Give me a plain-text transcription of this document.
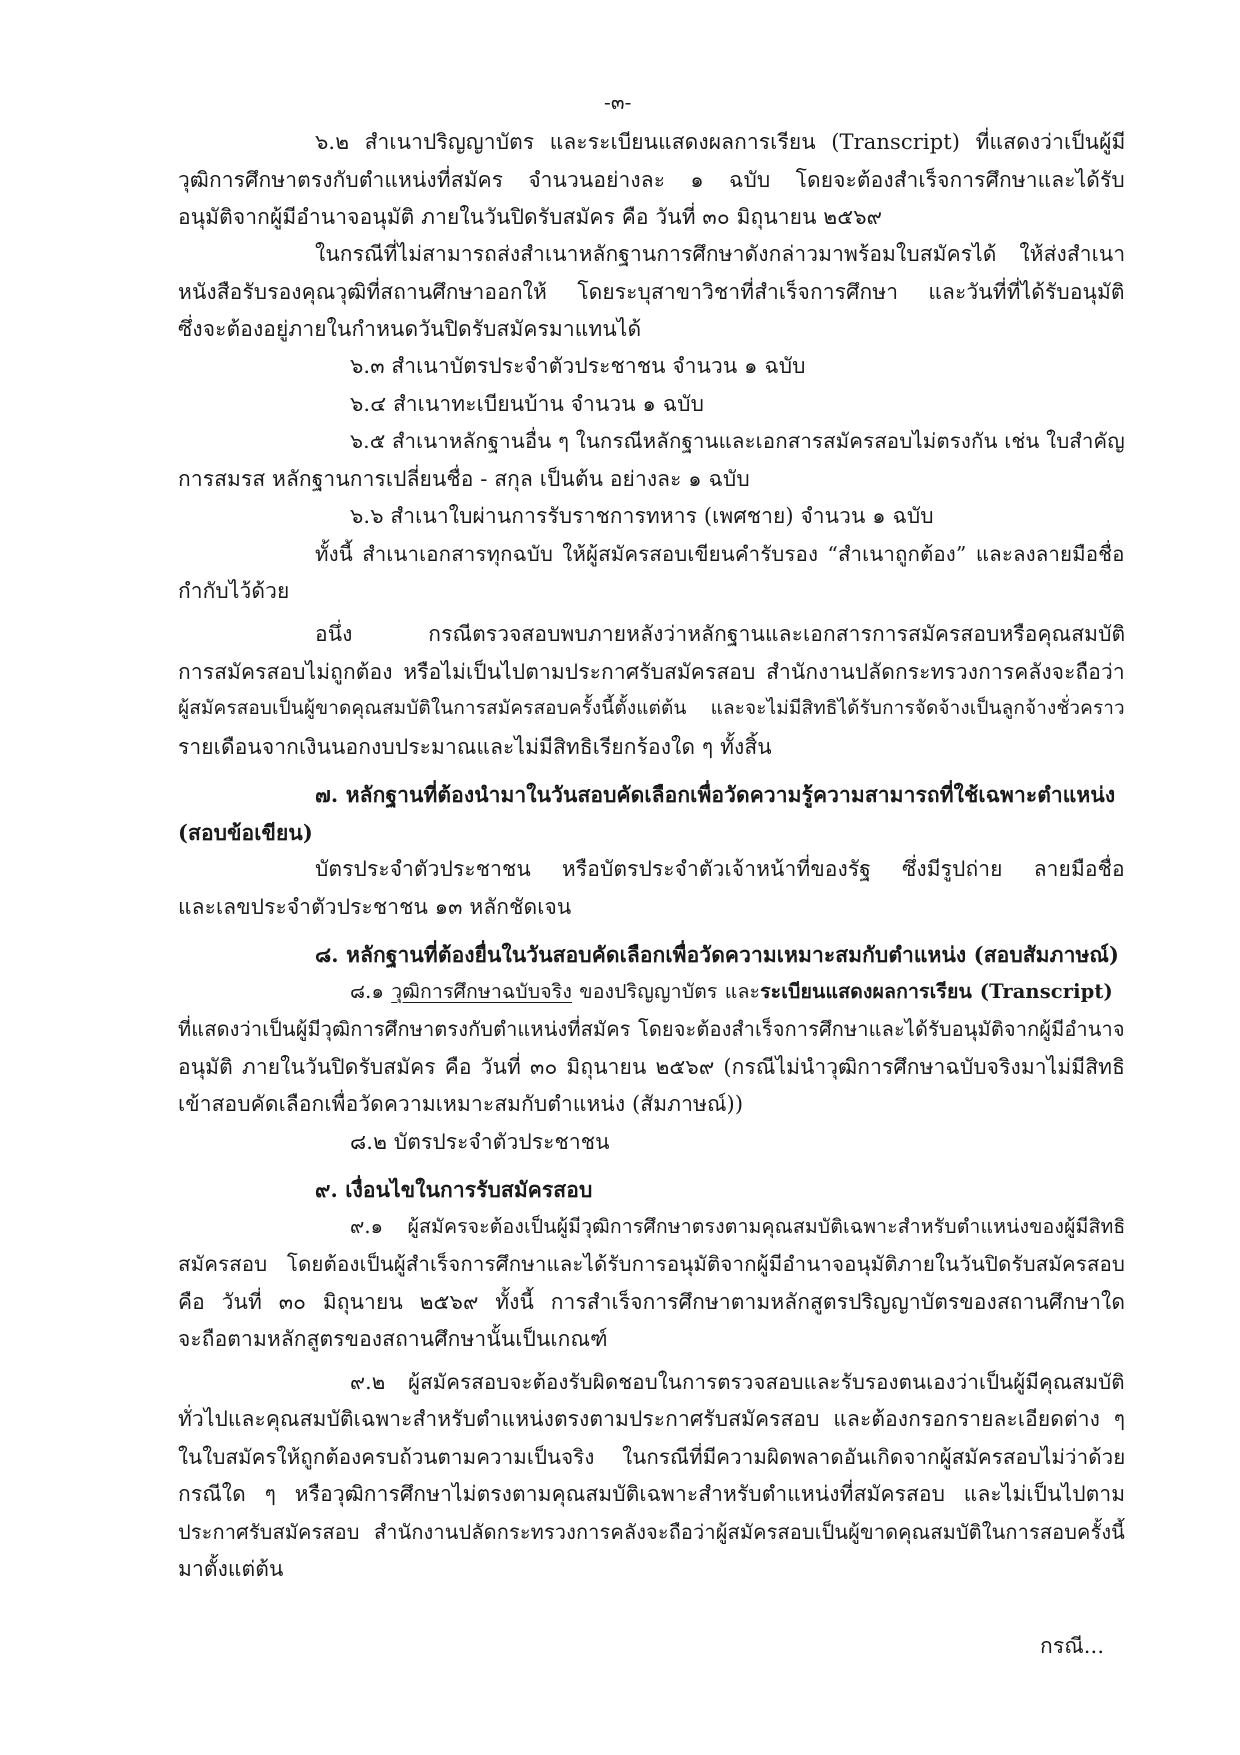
-๓-
๖.๒ สำเนาปริญญาบัตร และระเบียนแสดงผลการเรียน (Transcript) ที่แสดงว่าเป็นผู้มี
วุฒิการศึกษาตรงกับตำแหน่งที่สมัคร จำนวนอย่างละ ๑ ฉบับ โดยจะต้องสำเร็จการศึกษาและได้รับ
อนุมัติจากผู้มีอำนาจอนุมัติ ภายในวันปิดรับสมัคร คือ วันที่ ๓๐ มิถุนายน ๒๕๖๙
ในกรณีที่ไม่สามารถส่งสำเนาหลักฐานการศึกษาดังกล่าวมาพร้อมใบสมัครได้ ให้ส่งสำเนา
หนังสือรับรองคุณวุฒิที่สถานศึกษาออกให้ โดยระบุสาขาวิชาที่สำเร็จการศึกษา และวันที่ที่ได้รับอนุมัติ
ซึ่งจะต้องอยู่ภายในกำหนดวันปิดรับสมัครมาแทนได้
๖.๓ สำเนาบัตรประจำตัวประชาชน จำนวน ๑ ฉบับ
๖.๔ สำเนาทะเบียนบ้าน จำนวน ๑ ฉบับ
๖.๕ สำเนาหลักฐานอื่น ๆ ในกรณีหลักฐานและเอกสารสมัครสอบไม่ตรงกัน เช่น ใบสำคัญ
การสมรส หลักฐานการเปลี่ยนชื่อ - สกุล เป็นต้น อย่างละ ๑ ฉบับ
๖.๖ สำเนาใบผ่านการรับราชการทหาร (เพศชาย) จำนวน ๑ ฉบับ
ทั้งนี้ สำเนาเอกสารทุกฉบับ ให้ผู้สมัครสอบเขียนคำรับรอง “สำเนาถูกต้อง” และลงลายมือชื่อ
กำกับไว้ด้วย
อนึ่ง กรณีตรวจสอบพบภายหลังว่าหลักฐานและเอกสารการสมัครสอบหรือคุณสมบัติ
การสมัครสอบไม่ถูกต้อง หรือไม่เป็นไปตามประกาศรับสมัครสอบ สำนักงานปลัดกระทรวงการคลังจะถือว่า
ผู้สมัครสอบเป็นผู้ขาดคุณสมบัติในการสมัครสอบครั้งนี้ตั้งแต่ต้น และจะไม่มีสิทธิได้รับการจัดจ้างเป็นลูกจ้างชั่วคราว
รายเดือนจากเงินนอกงบประมาณและไม่มีสิทธิเรียกร้องใด ๆ ทั้งสิ้น
๗. หลักฐานที่ต้องนำมาในวันสอบคัดเลือกเพื่อวัดความรู้ความสามารถที่ใช้เฉพาะตำแหน่ง
(สอบข้อเขียน)
บัตรประจำตัวประชาชน หรือบัตรประจำตัวเจ้าหน้าที่ของรัฐ ซึ่งมีรูปถ่าย ลายมือชื่อ
และเลขประจำตัวประชาชน ๑๓ หลักชัดเจน
๘. หลักฐานที่ต้องยื่นในวันสอบคัดเลือกเพื่อวัดความเหมาะสมกับตำแหน่ง (สอบสัมภาษณ์)
๘.๑ วุฒิการศึกษาฉบับจริง ของปริญญาบัตร และระเบียนแสดงผลการเรียน (Transcript)
ที่แสดงว่าเป็นผู้มีวุฒิการศึกษาตรงกับตำแหน่งที่สมัคร โดยจะต้องสำเร็จการศึกษาและได้รับอนุมัติจากผู้มีอำนาจ
อนุมัติ ภายในวันปิดรับสมัคร คือ วันที่ ๓๐ มิถุนายน ๒๕๖๙ (กรณีไม่นำวุฒิการศึกษาฉบับจริงมาไม่มีสิทธิ
เข้าสอบคัดเลือกเพื่อวัดความเหมาะสมกับตำแหน่ง (สัมภาษณ์))
๘.๒ บัตรประจำตัวประชาชน
๙. เงื่อนไขในการรับสมัครสอบ
๙.๑ ผู้สมัครจะต้องเป็นผู้มีวุฒิการศึกษาตรงตามคุณสมบัติเฉพาะสำหรับตำแหน่งของผู้มีสิทธิ
สมัครสอบ โดยต้องเป็นผู้สำเร็จการศึกษาและได้รับการอนุมัติจากผู้มีอำนาจอนุมัติภายในวันปิดรับสมัครสอบ
คือ วันที่ ๓๐ มิถุนายน ๒๕๖๙ ทั้งนี้ การสำเร็จการศึกษาตามหลักสูตรปริญญาบัตรของสถานศึกษาใด
จะถือตามหลักสูตรของสถานศึกษานั้นเป็นเกณฑ์
๙.๒ ผู้สมัครสอบจะต้องรับผิดชอบในการตรวจสอบและรับรองตนเองว่าเป็นผู้มีคุณสมบัติ
ทั่วไปและคุณสมบัติเฉพาะสำหรับตำแหน่งตรงตามประกาศรับสมัครสอบ และต้องกรอกรายละเอียดต่าง ๆ
ในใบสมัครให้ถูกต้องครบถ้วนตามความเป็นจริง ในกรณีที่มีความผิดพลาดอันเกิดจากผู้สมัครสอบไม่ว่าด้วย
กรณีใด ๆ หรือวุฒิการศึกษาไม่ตรงตามคุณสมบัติเฉพาะสำหรับตำแหน่งที่สมัครสอบ และไม่เป็นไปตาม
ประกาศรับสมัครสอบ สำนักงานปลัดกระทรวงการคลังจะถือว่าผู้สมัครสอบเป็นผู้ขาดคุณสมบัติในการสอบครั้งนี้
มาตั้งแต่ต้น
กรณี...
